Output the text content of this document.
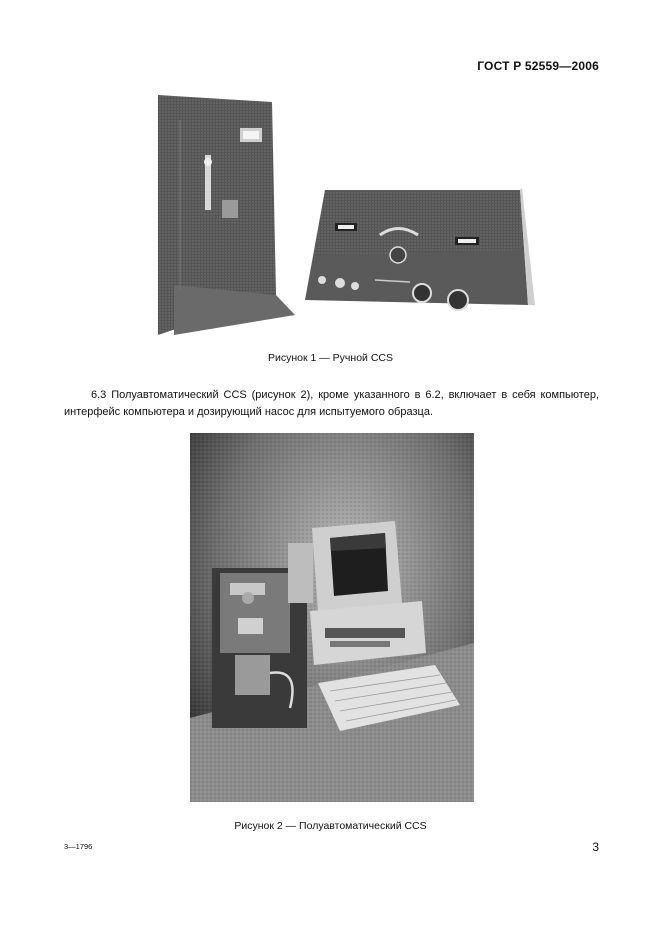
ГОСТ Р 52559—2006
Рисунок 1 — Ручной CCS
6.3 Полуавтоматический CCS (рисунок 2), кроме указанного в 6.2, включает в себя компьютер, интерфейс компьютера и дозирующий насос для испытуемого образца.
Рисунок 2 — Полуавтоматический CCS
3—1796	3
